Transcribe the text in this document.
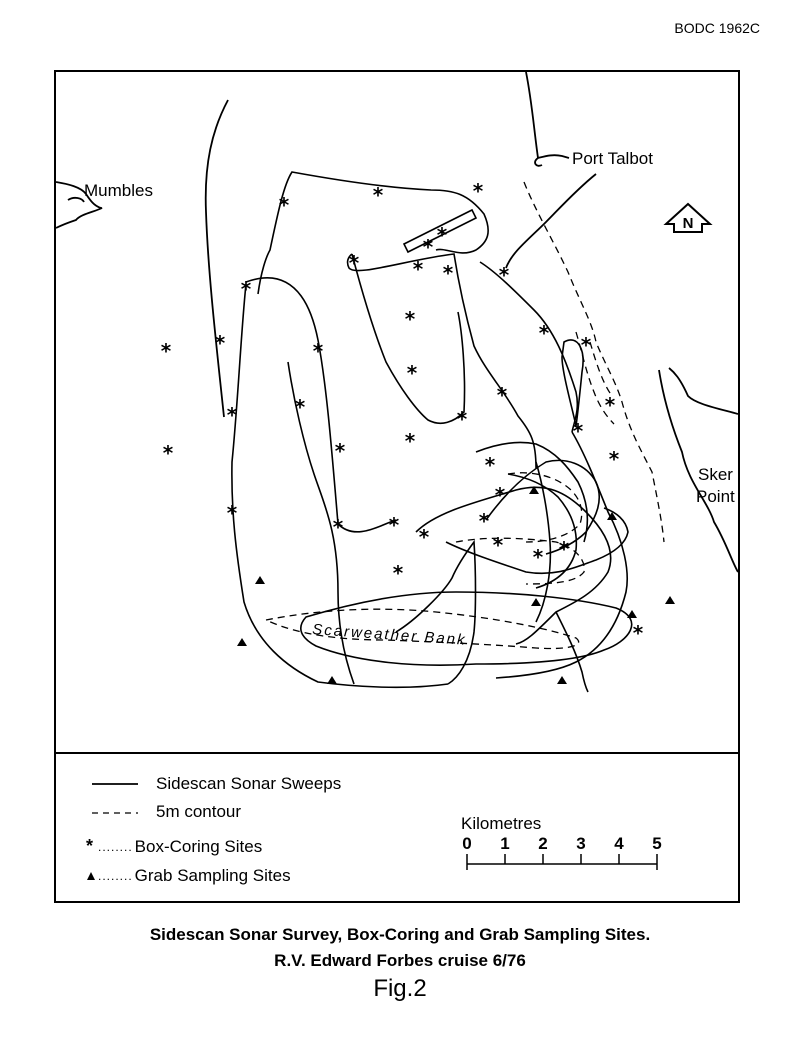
BODC 1962C
*	*
*
*
*
*	* * *
*
*
*
* *	*	*
*
*
*	*
*	*	*
*
*	*	*
*
*
*
* *	*
*	*	*
*
*
*
Mumbles
Port Talbot
Sker
Point
Scarweather Bank
N
Sidescan Sonar Sweeps
5m contour
* ........ Box-Coring Sites
........ Grab Sampling Sites
Kilometres
0 1 2 3 4 5
Sidescan Sonar Survey, Box-Coring and Grab Sampling Sites.
R.V. Edward Forbes cruise 6/76
Fig.2
